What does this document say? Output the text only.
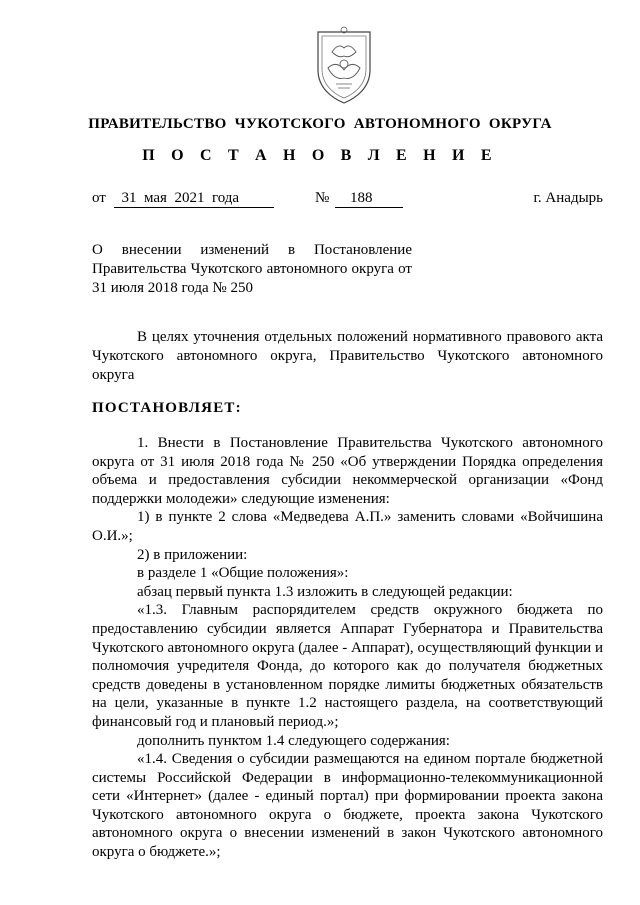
ПРАВИТЕЛЬСТВО ЧУКОТСКОГО АВТОНОМНОГО ОКРУГА
П О С Т А Н О В Л Е Н И Е
от	31  мая  2021  года	№	188	г. Анадырь

О внесении изменений в Постановление Правительства Чукотского автономного округа от 31 июля 2018 года № 250

В целях уточнения отдельных положений нормативного правового акта Чукотского автономного округа, Правительство Чукотского автономного округа

ПОСТАНОВЛЯЕТ:

1. Внести в Постановление Правительства Чукотского автономного округа от 31 июля 2018 года № 250 «Об утверждении Порядка определения объема и предоставления субсидии некоммерческой организации «Фонд поддержки молодежи» следующие изменения:

1) в пункте 2 слова «Медведева А.П.» заменить словами «Войчишина О.И.»;

2) в приложении:

в разделе 1 «Общие положения»:

абзац первый пункта 1.3 изложить в следующей редакции:

«1.3. Главным распорядителем средств окружного бюджета по предоставлению субсидии является Аппарат Губернатора и Правительства Чукотского автономного округа (далее - Аппарат), осуществляющий функции и полномочия учредителя Фонда, до которого как до получателя бюджетных средств доведены в установленном порядке лимиты бюджетных обязательств на цели, указанные в пункте 1.2 настоящего раздела, на соответствующий финансовый год и плановый период.»;

дополнить пунктом 1.4 следующего содержания:

«1.4. Сведения о субсидии размещаются на едином портале бюджетной системы Российской Федерации в информационно-телекоммуникационной сети «Интернет» (далее - единый портал) при формировании проекта закона Чукотского автономного округа о бюджете, проекта закона Чукотского автономного округа о внесении изменений в закон Чукотского автономного округа о бюджете.»;
